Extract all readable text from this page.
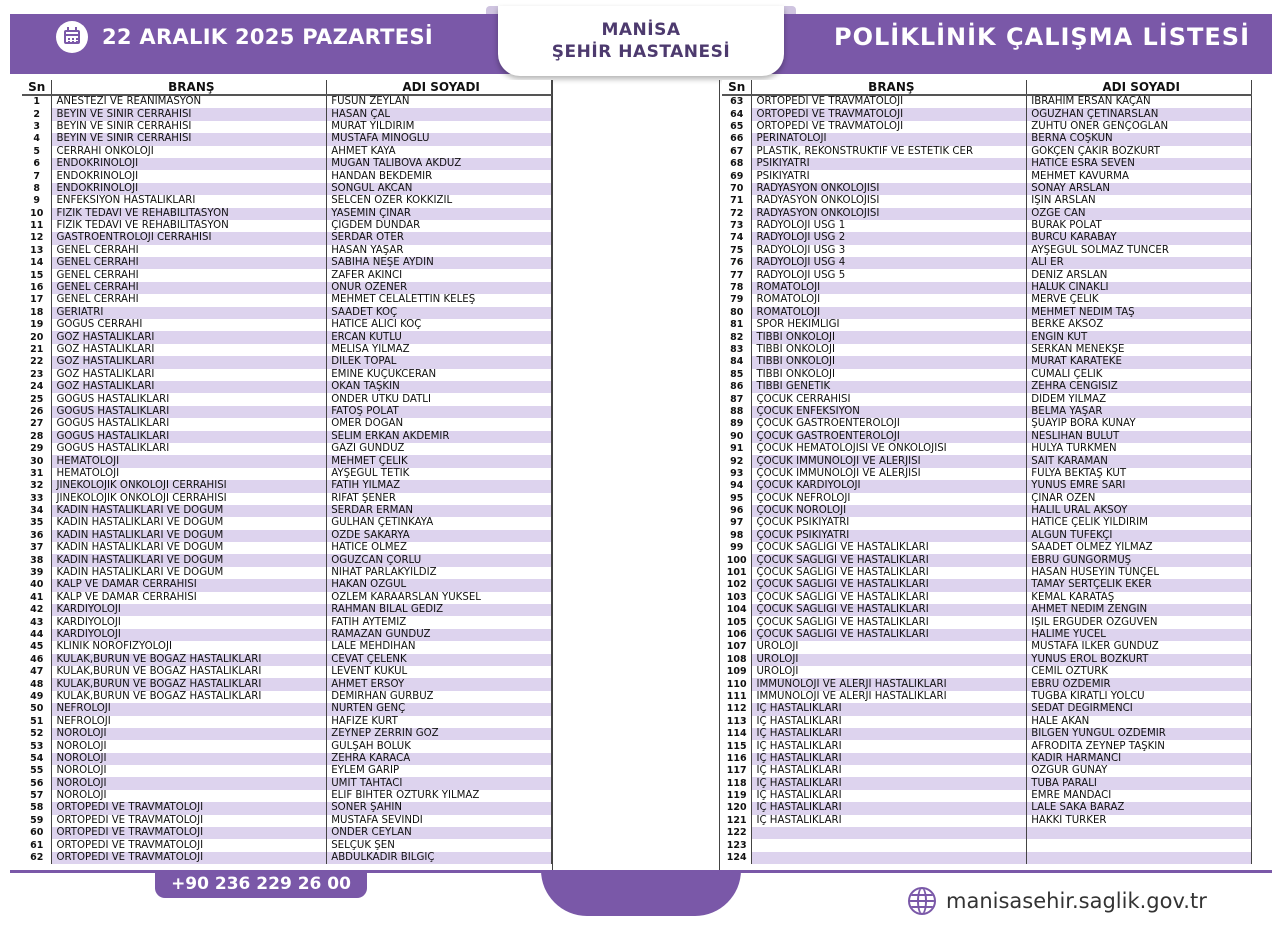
22 ARALIK 2025 PAZARTESİ	MANİSA
ŞEHİR HASTANESİ
POLİKLİNİK ÇALIŞMA LİSTESİ
Sn	BRANŞ	ADI SOYADI
1	ANESTEZİ VE REANİMASYON	FÜSUN ZEYLAN
2	BEYİN VE SİNİR CERRAHİSİ	HASAN ÇAL
3	BEYİN VE SİNİR CERRAHİSİ	MURAT YILDIRIM
4	BEYİN VE SİNİR CERRAHİSİ	MUSTAFA MİNOĞLU
5	CERRAHİ ONKOLOJİ	AHMET KAYA
6	ENDOKRİNOLOJİ	MÜGAN TALIBOVA AKDÜZ
7	ENDOKRİNOLOJİ	HANDAN BEKDEMİR
8	ENDOKRİNOLOJİ	SONGÜL AKCAN
9	ENFEKSİYON HASTALIKLARI	SELCEN ÖZER KÖKKIZIL
10	FİZİK TEDAVİ VE REHABİLİTASYON	YASEMİN ÇINAR
11	FİZİK TEDAVİ VE REHABİLİTASYON	ÇİĞDEM DÜNDAR
12	GASTROENTROLOJİ CERRAHİSİ	SERDAR ÖTER
13	GENEL CERRAHİ	HASAN YAŞAR
14	GENEL CERRAHİ	SABİHA NEŞE AYDIN
15	GENEL CERRAHİ	ZAFER AKINCI
16	GENEL CERRAHİ	ONUR ÖZENER
17	GENEL CERRAHİ	MEHMET CELALETTİN KELEŞ
18	GERİATRİ	SAADET KOÇ
19	GÖĞÜS CERRAHİ	HATİCE ALICI KOÇ
20	GÖZ HASTALIKLARI	ERCAN KUTLU
21	GÖZ HASTALIKLARI	MELİSA YILMAZ
22	GÖZ HASTALIKLARI	DİLEK TOPAL
23	GÖZ HASTALIKLARI	EMİNE KÜÇÜKCERAN
24	GÖZ HASTALIKLARI	OKAN TAŞKIN
25	GÖĞÜS HASTALIKLARI	ÖNDER UTKU DATLI
26	GÖĞÜS HASTALIKLARI	FATOŞ POLAT
27	GÖĞÜS HASTALIKLARI	ÖMER DOĞAN
28	GÖĞÜS HASTALIKLARI	SELİM ERKAN AKDEMİR
29	GÖĞÜS HASTALIKLARI	GAZİ GÜNDÜZ
30	HEMATOLOJİ	MEHMET ÇELİK
31	HEMATOLOJİ	AYŞEGÜL TETİK
32	JİNEKOLOJİK ONKOLOJİ CERRAHİSİ	FATİH YILMAZ
33	JİNEKOLOJİK ONKOLOJİ CERRAHİSİ	RIFAT ŞENER
34	KADIN HASTALIKLARI VE DOĞUM	SERDAR ERMAN
35	KADIN HASTALIKLARI VE DOĞUM	GÜLHAN ÇETİNKAYA
36	KADIN HASTALIKLARI VE DOĞUM	ÖZDE SAKARYA
37	KADIN HASTALIKLARI VE DOĞUM	HATİCE ÖLMEZ
38	KADIN HASTALIKLARI VE DOĞUM	OĞUZCAN ÇORLU
39	KADIN HASTALIKLARI VE DOĞUM	NİHAT PARLAKYILDIZ
40	KALP VE DAMAR CERRAHİSİ	HAKAN ÖZGÜL
41	KALP VE DAMAR CERRAHİSİ	ÖZLEM KARAARSLAN YÜKSEL
42	KARDİYOLOJİ	RAHMAN BİLAL GEDİZ
43	KARDİYOLOJİ	FATİH AYTEMİZ
44	KARDİYOLOJİ	RAMAZAN GÜNDÜZ
45	KLİNİK NÖROFİZYOLOJİ	LALE MEHDİHAN
46	KULAK,BURUN VE BOĞAZ HASTALIKLARI	CEVAT ÇELENK
47	KULAK,BURUN VE BOĞAZ HASTALIKLARI	LEVENT KUKUL
48	KULAK,BURUN VE BOĞAZ HASTALIKLARI	AHMET ERSOY
49	KULAK,BURUN VE BOĞAZ HASTALIKLARI	DEMİRHAN GÜRBÜZ
50	NEFROLOJİ	NURTEN GENÇ
51	NEFROLOJİ	HAFİZE KURT
52	NÖROLOJİ	ZEYNEP ZERRİN GÖZ
53	NÖROLOJİ	GÜLŞAH BÖLÜK
54	NÖROLOJİ	ZEHRA KARACA
55	NÖROLOJİ	EYLEM GARİP
56	NÖROLOJİ	ÜMİT TAHTACI
57	NÖROLOJİ	ELİF BİHTER ÖZTÜRK YILMAZ
58	ORTOPEDİ VE TRAVMATOLOJİ	SONER ŞAHİN
59	ORTOPEDİ VE TRAVMATOLOJİ	MUSTAFA SEVİNDİ
60	ORTOPEDİ VE TRAVMATOLOJİ	ÖNDER CEYLAN
61	ORTOPEDİ VE TRAVMATOLOJİ	SELÇUK ŞEN
62	ORTOPEDİ VE TRAVMATOLOJİ	ABDÜLKADİR BİLGİÇ
Sn	BRANŞ	ADI SOYADI
63	ORTOPEDİ VE TRAVMATOLOJİ	İBRAHİM ERSAN KAÇAN
64	ORTOPEDİ VE TRAVMATOLOJİ	OĞUZHAN ÇETİNARSLAN
65	ORTOPEDİ VE TRAVMATOLOJİ	ZÜHTÜ ÖNER GENÇOĞLAN
66	PERİNATOLOJİ	BERNA COŞKUN
67	PLASTİK, REKONSTRÜKTİF VE ESTETİK CER	GÖKÇEN ÇAKIR BOZKURT
68	PSİKİYATRİ	HATİCE ESRA SEVEN
69	PSİKİYATRİ	MEHMET KAVURMA
70	RADYASYON ONKOLOJİSİ	SONAY ARSLAN
71	RADYASYON ONKOLOJİSİ	IŞIN ARSLAN
72	RADYASYON ONKOLOJİSİ	ÖZGE CAN
73	RADYOLOJİ USG 1	BURAK POLAT
74	RADYOLOJİ USG 2	BURCU KARABAY
75	RADYOLOJİ USG 3	AYŞEGÜL SOLMAZ TUNCER
76	RADYOLOJİ USG 4	ALİ ER
77	RADYOLOJİ USG 5	DENİZ ARSLAN
78	ROMATOLOJİ	HALUK CİNAKLI
79	ROMATOLOJİ	MERVE ÇELİK
80	ROMATOLOJİ	MEHMET NEDİM TAŞ
81	SPOR HEKİMLİĞİ	BERKE AKSÖZ
82	TIBBİ ONKOLOJİ	ENGİN KUT
83	TIBBİ ONKOLOJİ	SERKAN MENEKŞE
84	TIBBİ ONKOLOJİ	MURAT KARATEKE
85	TIBBİ ONKOLOJİ	CUMALİ ÇELİK
86	TIBBİ GENETİK	ZEHRA CENGİSİZ
87	ÇOCUK CERRAHİSİ	DİDEM YILMAZ
88	ÇOCUK ENFEKSİYON	BELMA YAŞAR
89	ÇOCUK GASTROENTEROLOJİ	ŞUAYİP BORA KUNAY
90	ÇOCUK GASTROENTEROLOJİ	NESLİHAN BULUT
91	ÇOCUK HEMATOLOJİSİ VE ONKOLOJİSİ	HÜLYA TÜRKMEN
92	ÇOCUK İMMÜNOLOJİ VE ALERJİSİ	SAİT KARAMAN
93	ÇOCUK İMMÜNOLOJİ VE ALERJİSİ	FULYA BEKTAŞ KUT
94	ÇOCUK KARDİYOLOJİ	YUNUS EMRE SARI
95	ÇOCUK NEFROLOJİ	ÇINAR ÖZEN
96	ÇOCUK NÖROLOJİ	HALİL URAL AKSOY
97	ÇOCUK PSİKİYATRİ	HATİCE ÇELİK YILDIRIM
98	ÇOCUK PSİKİYATRİ	ALGUN TÜFEKÇİ
99	ÇOCUK SAĞLIĞI VE HASTALIKLARI	SAADET ÖLMEZ YILMAZ
100	ÇOCUK SAĞLIĞI VE HASTALIKLARI	EBRU GÜNGÖRMÜŞ
101	ÇOCUK SAĞLIĞI VE HASTALIKLARI	HASAN HÜSEYİN TUNÇEL
102	ÇOCUK SAĞLIĞI VE HASTALIKLARI	TAMAY SERTÇELİK EKER
103	ÇOCUK SAĞLIĞI VE HASTALIKLARI	KEMAL KARATAŞ
104	ÇOCUK SAĞLIĞI VE HASTALIKLARI	AHMET NEDİM ZENGİN
105	ÇOCUK SAĞLIĞI VE HASTALIKLARI	IŞIL ERGÜDER ÖZGÜVEN
106	ÇOCUK SAĞLIĞI VE HASTALIKLARI	HALİME YÜCEL
107	ÜROLOJİ	MUSTAFA İLKER GÜNDÜZ
108	ÜROLOJİ	YUNUS EROL BOZKURT
109	ÜROLOJİ	CEMİL ÖZTÜRK
110	İMMÜNOLOJİ VE ALERJİ HASTALIKLARI	EBRU ÖZDEMİR
111	İMMÜNOLOJİ VE ALERJİ HASTALIKLARI	TUĞBA KIRATLI YOLCU
112	İÇ HASTALIKLARI	SEDAT DEĞİRMENCİ
113	İÇ HASTALIKLARI	HALE AKAN
114	İÇ HASTALIKLARI	BİLGEN YÜNGÜL ÖZDEMİR
115	İÇ HASTALIKLARI	AFRODİTA ZEYNEP TAŞKIN
116	İÇ HASTALIKLARI	KADİR HARMANCI
117	İÇ HASTALIKLARI	ÖZGÜR GÜNAY
118	İÇ HASTALIKLARI	TUBA PARALI
119	İÇ HASTALIKLARI	EMRE MANDACI
120	İÇ HASTALIKLARI	LALE SAKA BARAZ
121	İÇ HASTALIKLARI	HAKKI TÜRKER
122		
123		
124		
+90 236 229 26 00
manisasehir.saglik.gov.tr
